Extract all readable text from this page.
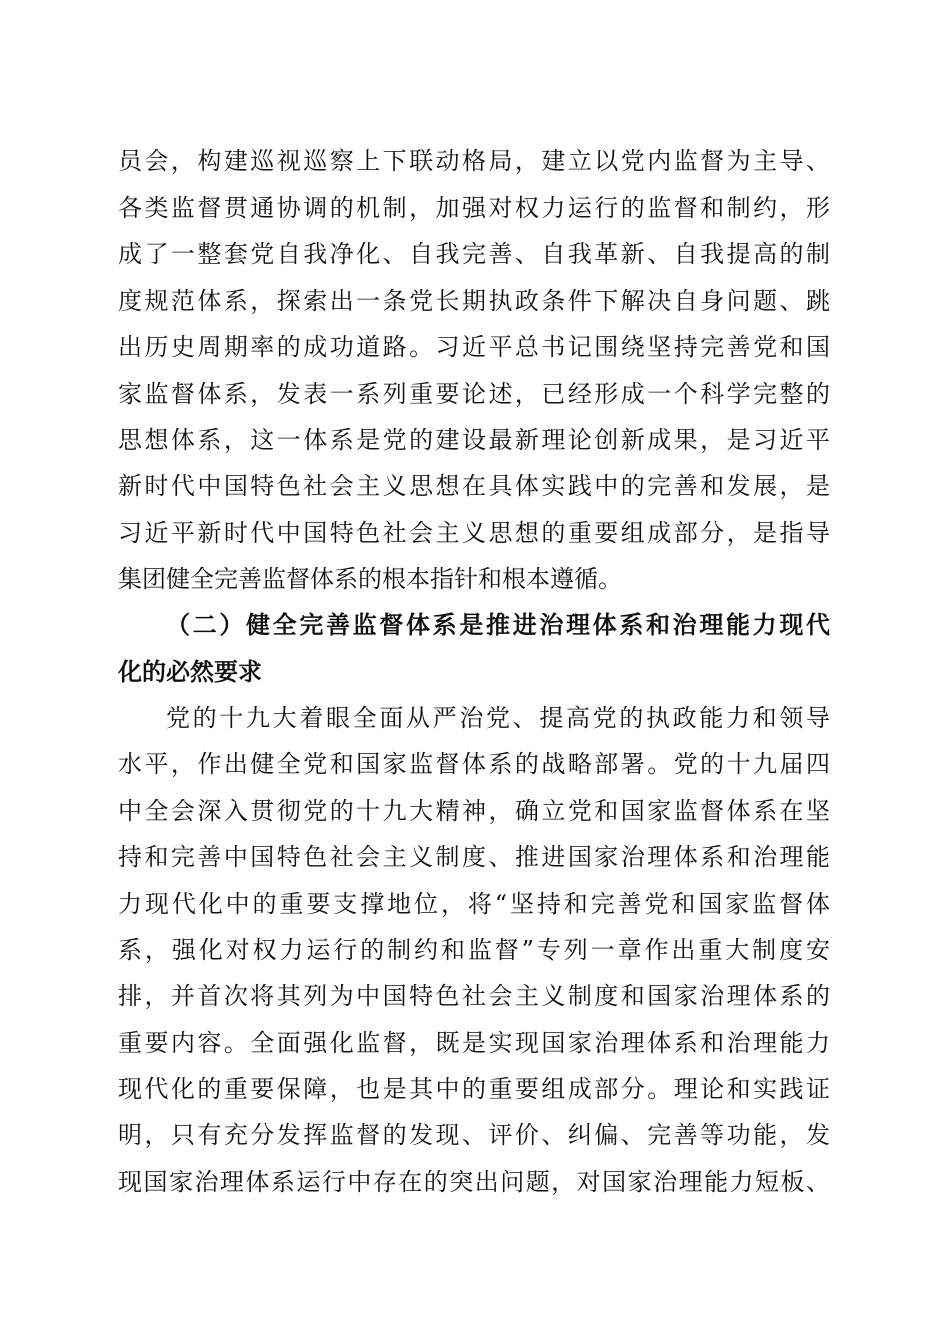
员会，构建巡视巡察上下联动格局，建立以党内监督为主导、

各类监督贯通协调的机制，加强对权力运行的监督和制约，形

成了一整套党自我净化、自我完善、自我革新、自我提高的制

度规范体系，探索出一条党长期执政条件下解决自身问题、跳

出历史周期率的成功道路。习近平总书记围绕坚持完善党和国

家监督体系，发表一系列重要论述，已经形成一个科学完整的

思想体系，这一体系是党的建设最新理论创新成果，是习近平

新时代中国特色社会主义思想在具体实践中的完善和发展，是

习近平新时代中国特色社会主义思想的重要组成部分，是指导

集团健全完善监督体系的根本指针和根本遵循。

（二）健全完善监督体系是推进治理体系和治理能力现代

化的必然要求

党的十九大着眼全面从严治党、提高党的执政能力和领导

水平，作出健全党和国家监督体系的战略部署。党的十九届四

中全会深入贯彻党的十九大精神，确立党和国家监督体系在坚

持和完善中国特色社会主义制度、推进国家治理体系和治理能

力现代化中的重要支撑地位，将“坚持和完善党和国家监督体

系，强化对权力运行的制约和监督”专列一章作出重大制度安

排，并首次将其列为中国特色社会主义制度和国家治理体系的

重要内容。全面强化监督，既是实现国家治理体系和治理能力

现代化的重要保障，也是其中的重要组成部分。理论和实践证

明，只有充分发挥监督的发现、评价、纠偏、完善等功能，发

现国家治理体系运行中存在的突出问题，对国家治理能力短板、
